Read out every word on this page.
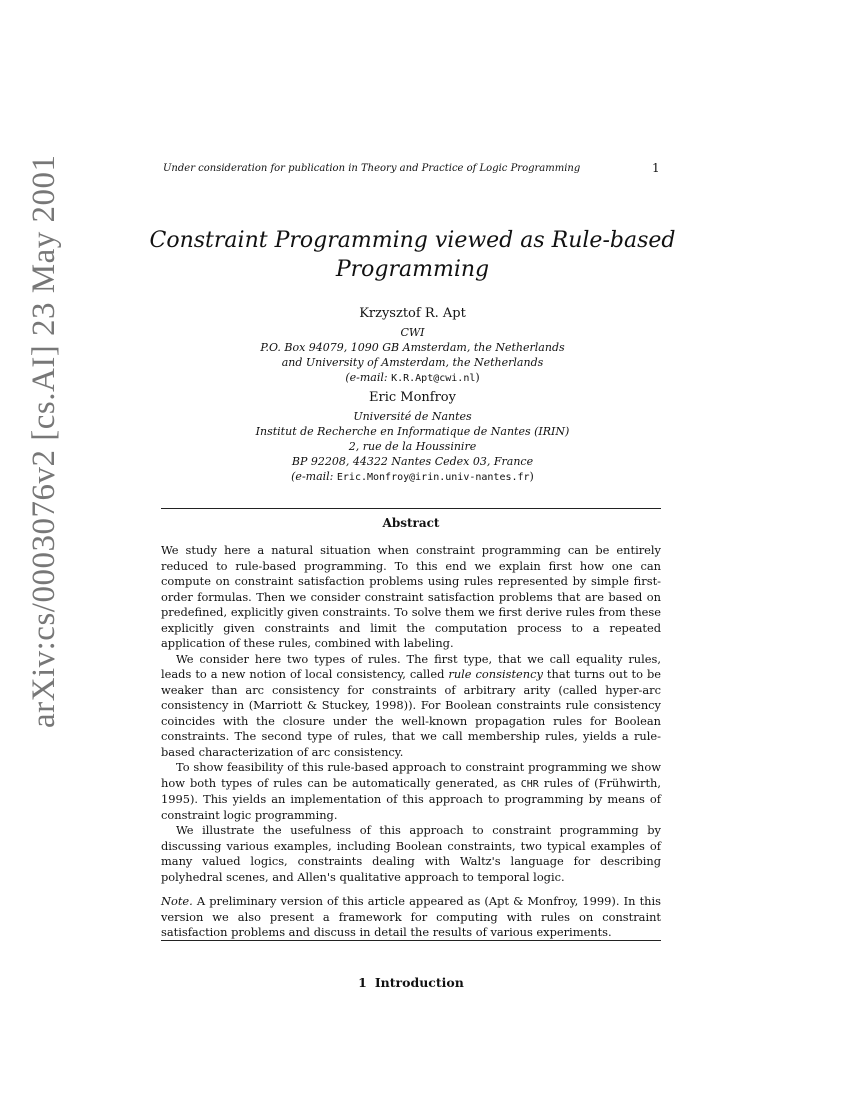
Under consideration for publication in Theory and Practice of Logic Programming	1
Constraint Programming viewed as Rule-based
Programming
Krzysztof R. Apt
CWI
P.O. Box 94079, 1090 GB Amsterdam, the Netherlands
and University of Amsterdam, the Netherlands
(e-mail: K.R.Apt@cwi.nl)
Eric Monfroy
Université de Nantes
Institut de Recherche en Informatique de Nantes (IRIN)
2, rue de la Houssinire
BP 92208, 44322 Nantes Cedex 03, France
(e-mail: Eric.Monfroy@irin.univ-nantes.fr)
Abstract

We study here a natural situation when constraint programming can be entirely reduced to rule-based programming. To this end we explain first how one can compute on constraint satisfaction problems using rules represented by simple first-order formulas. Then we consider constraint satisfaction problems that are based on predefined, explicitly given constraints. To solve them we first derive rules from these explicitly given constraints and limit the computation process to a repeated application of these rules, combined with labeling.

We consider here two types of rules. The first type, that we call equality rules, leads to a new notion of local consistency, called rule consistency that turns out to be weaker than arc consistency for constraints of arbitrary arity (called hyper-arc consistency in (Marriott & Stuckey, 1998)). For Boolean constraints rule consistency coincides with the closure under the well-known propagation rules for Boolean constraints. The second type of rules, that we call membership rules, yields a rule-based characterization of arc consistency.

To show feasibility of this rule-based approach to constraint programming we show how both types of rules can be automatically generated, as CHR rules of (Frühwirth, 1995). This yields an implementation of this approach to programming by means of constraint logic programming.

We illustrate the usefulness of this approach to constraint programming by discussing various examples, including Boolean constraints, two typical examples of many valued logics, constraints dealing with Waltz's language for describing polyhedral scenes, and Allen's qualitative approach to temporal logic.

Note. A preliminary version of this article appeared as (Apt & Monfroy, 1999). In this version we also present a framework for computing with rules on constraint satisfaction problems and discuss in detail the results of various experiments.

1 Introduction
arXiv:cs/0003076v2 [cs.AI] 23 May 2001
